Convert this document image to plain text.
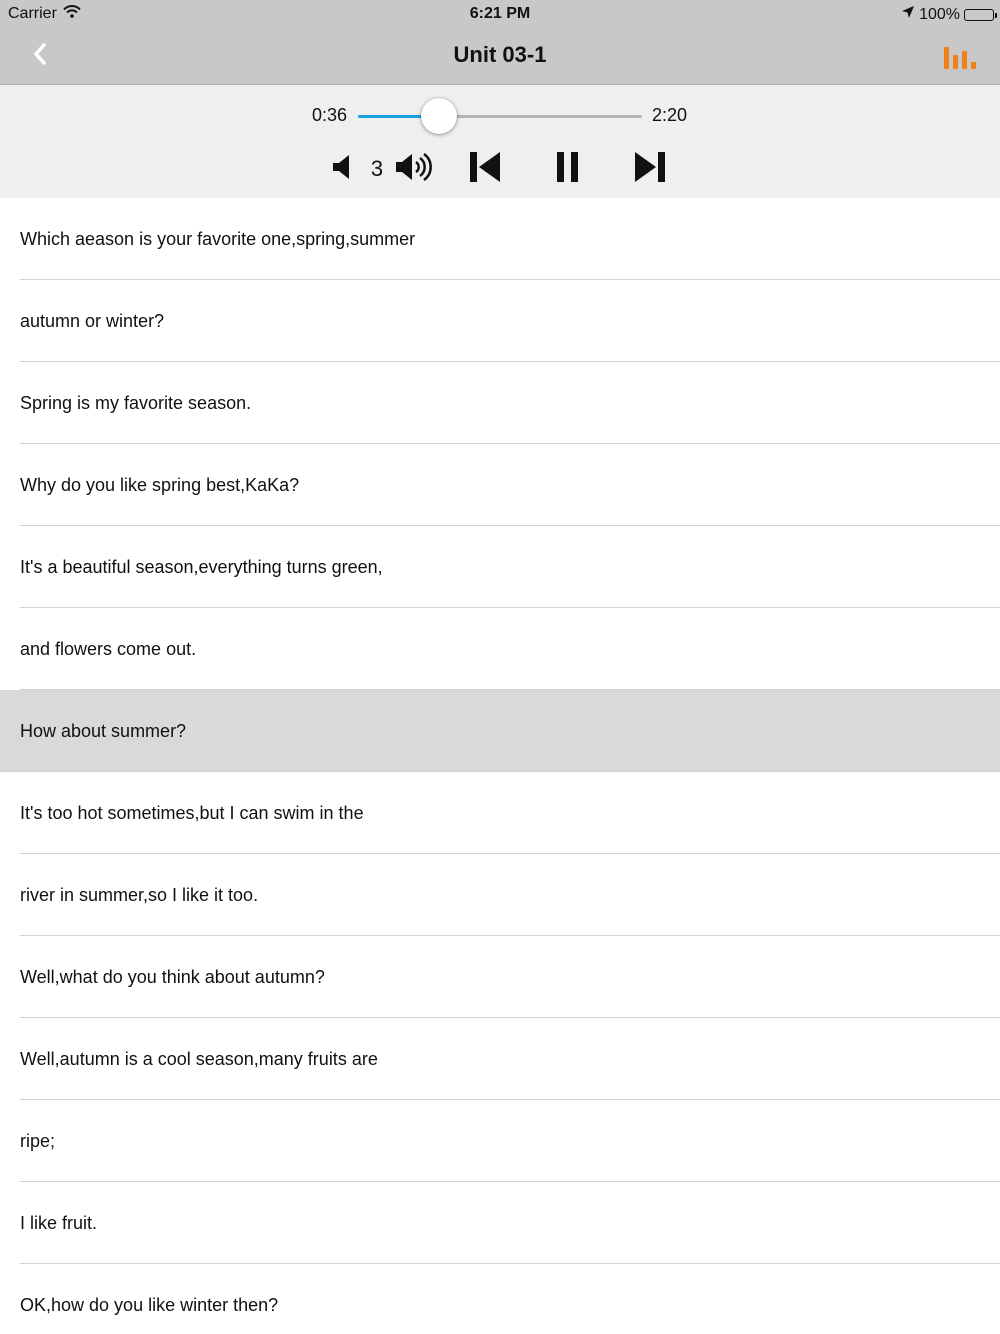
Carrier	6:21 PM	100%
Unit 03-1
0:36	2:20
3
Which aeason is your favorite one,spring,summer
autumn or winter?
Spring is my favorite season.
Why do you like spring best,KaKa?
It's a beautiful season,everything turns green,
and flowers come out.
How about summer?
It's too hot sometimes,but I can swim in the
river in summer,so I like it too.
Well,what do you think about autumn?
Well,autumn is a cool season,many fruits are
ripe;
I like fruit.
OK,how do you like winter then?
